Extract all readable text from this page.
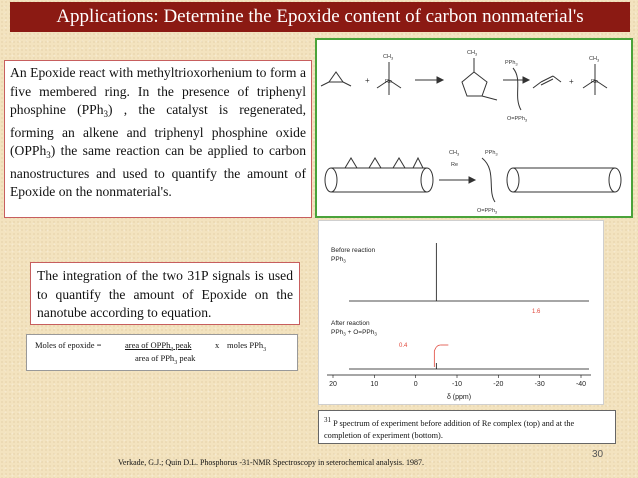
Applications: Determine the Epoxide content of carbon nonmaterial's
An Epoxide react with methyltrioxorhenium to form a five membered ring. In the presence of triphenyl phosphine (PPh$_3$) , the catalyst is regenerated, forming an alkene and triphenyl phosphine oxide (OPPh$_3$) the same reaction can be applied to carbon nanostructures and used to quantify the amount of Epoxide on the nonmaterial's.
$CH_3$
Re
+
$CH_3$
PPh$_3$
O=PPh$_3$
+
$CH_3$
Re
$CH_3$
Re
PPh$_3$
O=PPh$_3$
The integration of the two 31P signals is used to quantify the amount of Epoxide on the nanotube according to equation.
Moles of epoxide =	area of OPPh$_3$ peak	x moles PPh$_3$
area of PPh$_3$ peak
Before reaction
PPh$_3$
After reaction
PPh$_3$ + O=PPh$_3$
0.4
1.6
20	10	0	-10	-20	-30	-40
δ (ppm)
$^{31}$ P spectrum of experiment before addition of Re complex (top) and at the completion of experiment (bottom).
30
Verkade, G.J.; Quin D.L. Phosphorus -31-NMR Spectroscopy in seterochemical analysis. 1987.
